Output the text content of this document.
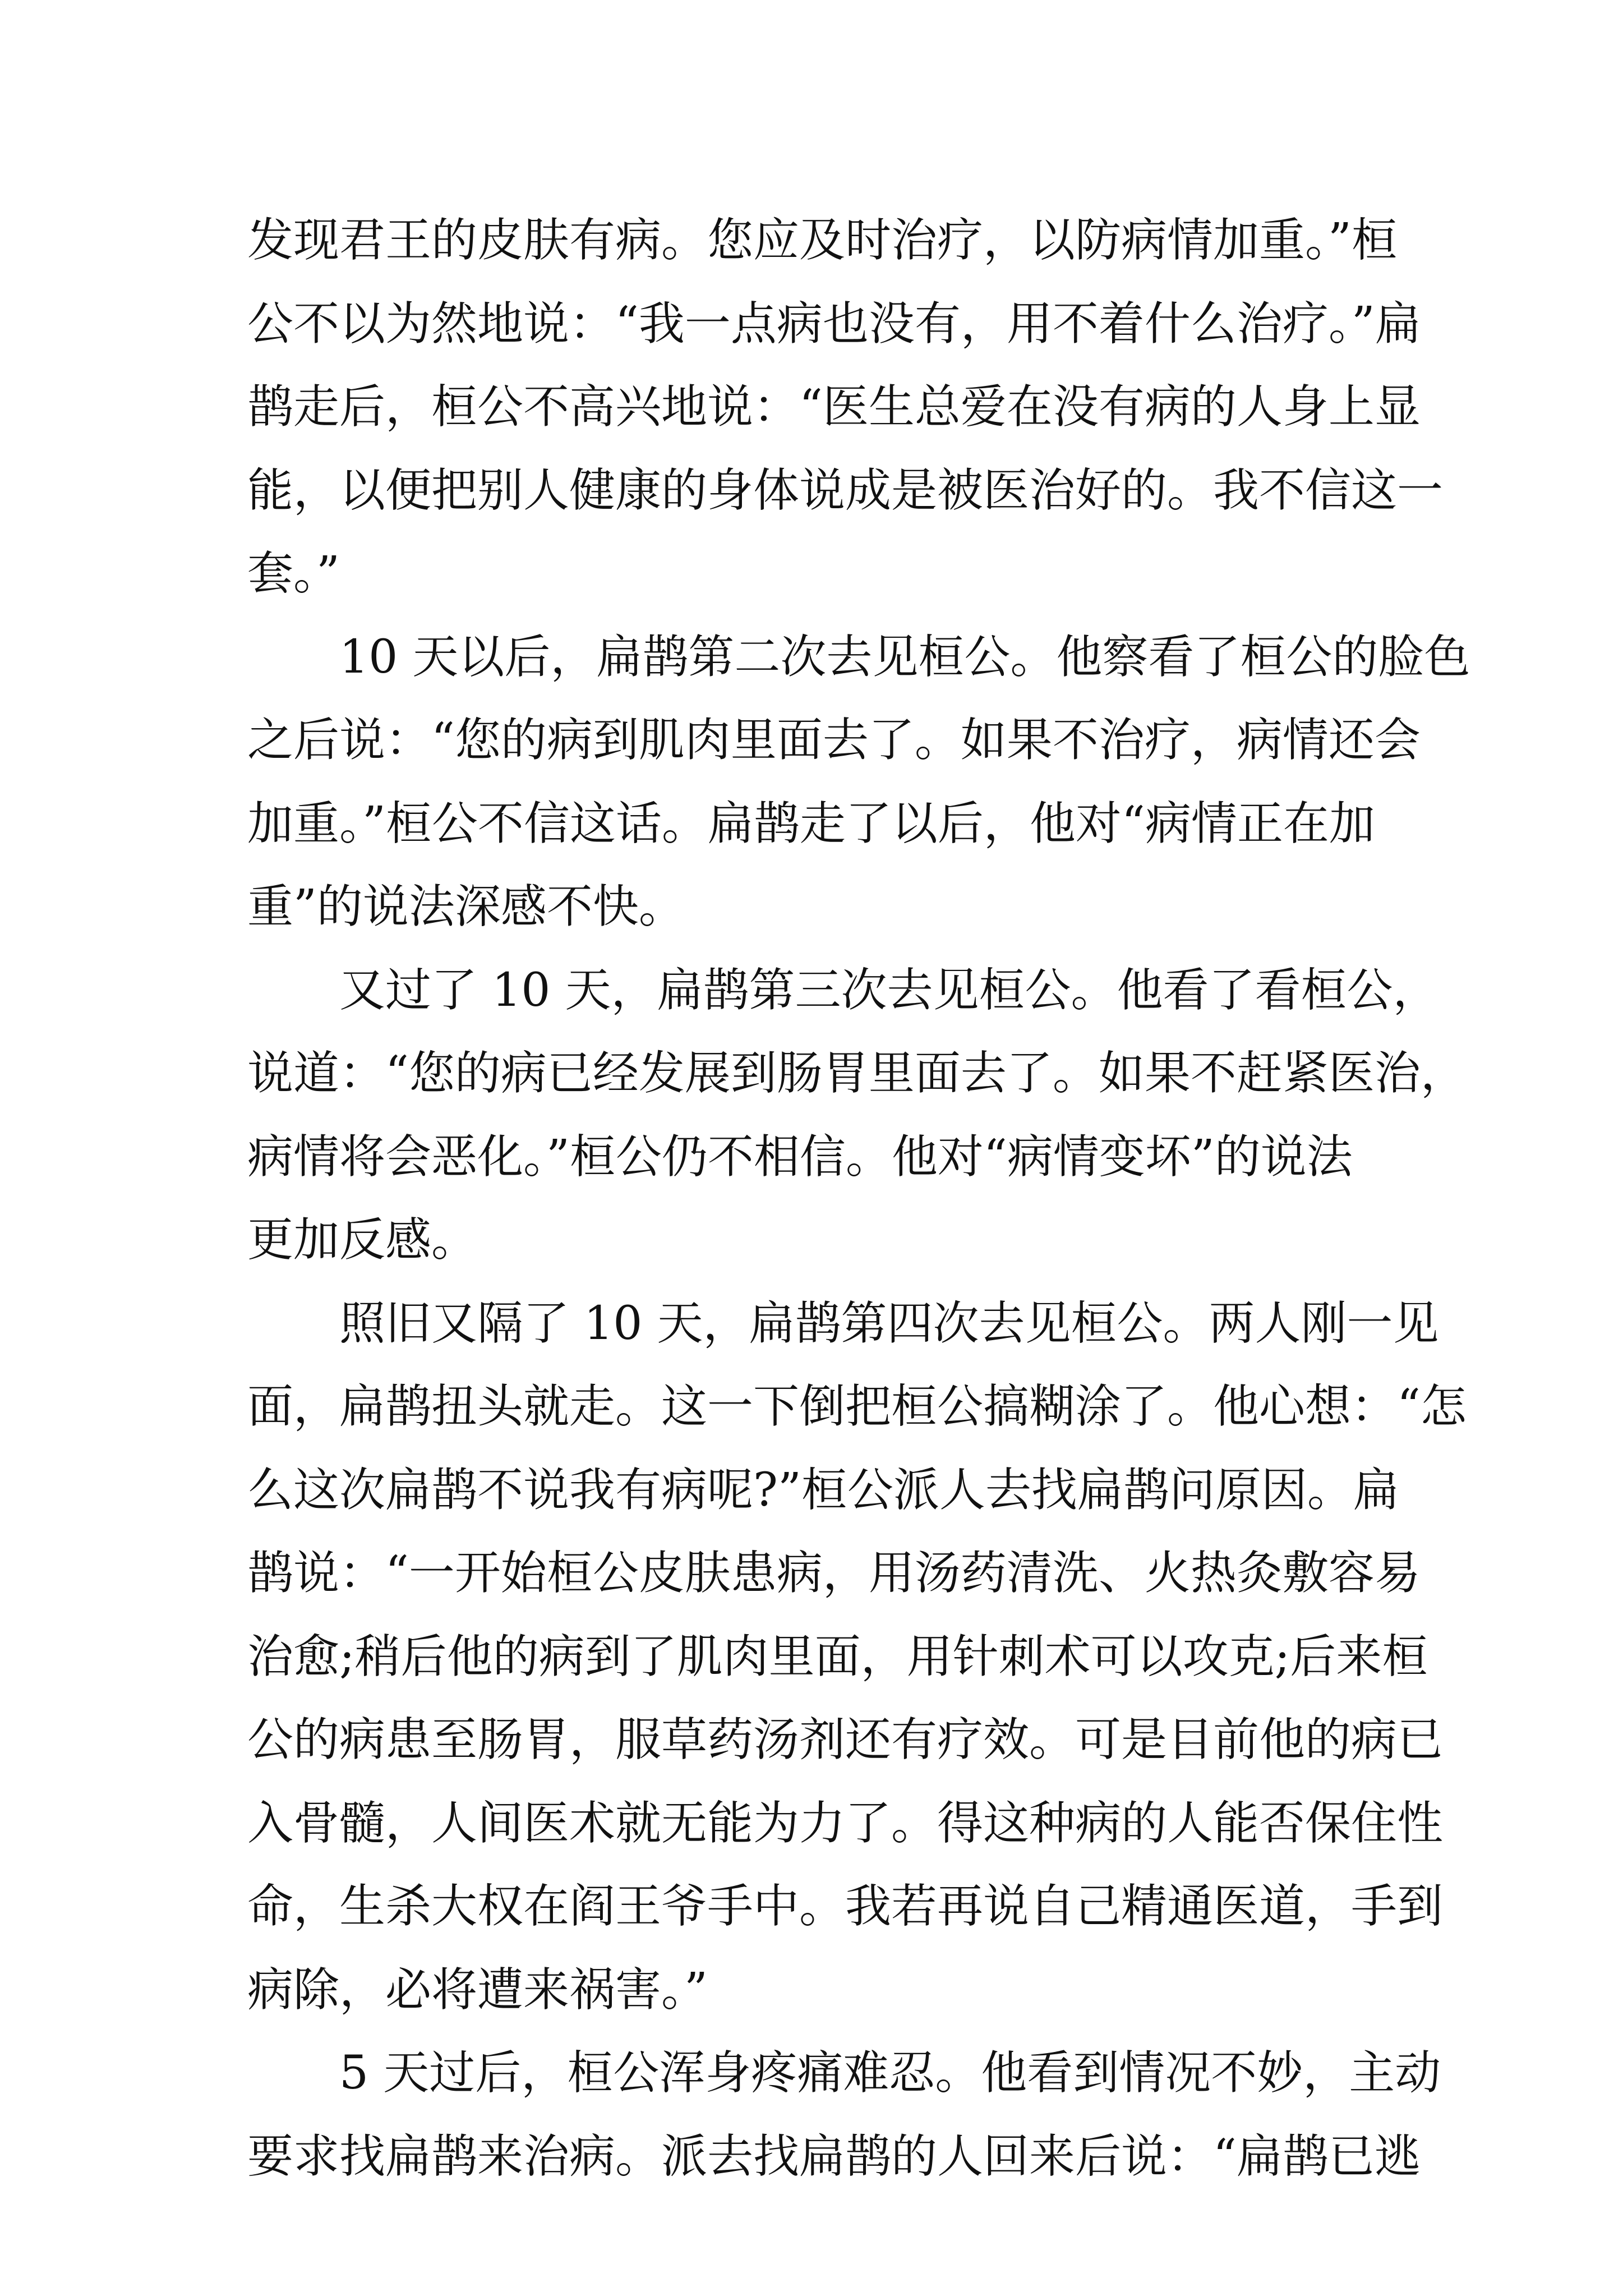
发现君王的皮肤有病。您应及时治疗，以防病情加重。”桓
公不以为然地说：“我一点病也没有，用不着什么治疗。”扁
鹊走后，桓公不高兴地说：“医生总爱在没有病的人身上显
能，以便把别人健康的身体说成是被医治好的。我不信这一
套。”
10 天以后，扁鹊第二次去见桓公。他察看了桓公的脸色
之后说：“您的病到肌肉里面去了。如果不治疗，病情还会
加重。”桓公不信这话。扁鹊走了以后，他对“病情正在加
重”的说法深感不快。
又过了 10 天，扁鹊第三次去见桓公。他看了看桓公，
说道：“您的病已经发展到肠胃里面去了。如果不赶紧医治，
病情将会恶化。”桓公仍不相信。他对“病情变坏”的说法
更加反感。
照旧又隔了 10 天，扁鹊第四次去见桓公。两人刚一见
面，扁鹊扭头就走。这一下倒把桓公搞糊涂了。他心想：“怎
么这次扁鹊不说我有病呢?”桓公派人去找扁鹊问原因。扁
鹊说：“一开始桓公皮肤患病，用汤药清洗、火热灸敷容易
治愈;稍后他的病到了肌肉里面，用针刺术可以攻克;后来桓
公的病患至肠胃，服草药汤剂还有疗效。可是目前他的病已
入骨髓，人间医术就无能为力了。得这种病的人能否保住性
命，生杀大权在阎王爷手中。我若再说自己精通医道，手到
病除，必将遭来祸害。”
5 天过后，桓公浑身疼痛难忍。他看到情况不妙，主动
要求找扁鹊来治病。派去找扁鹊的人回来后说：“扁鹊已逃
